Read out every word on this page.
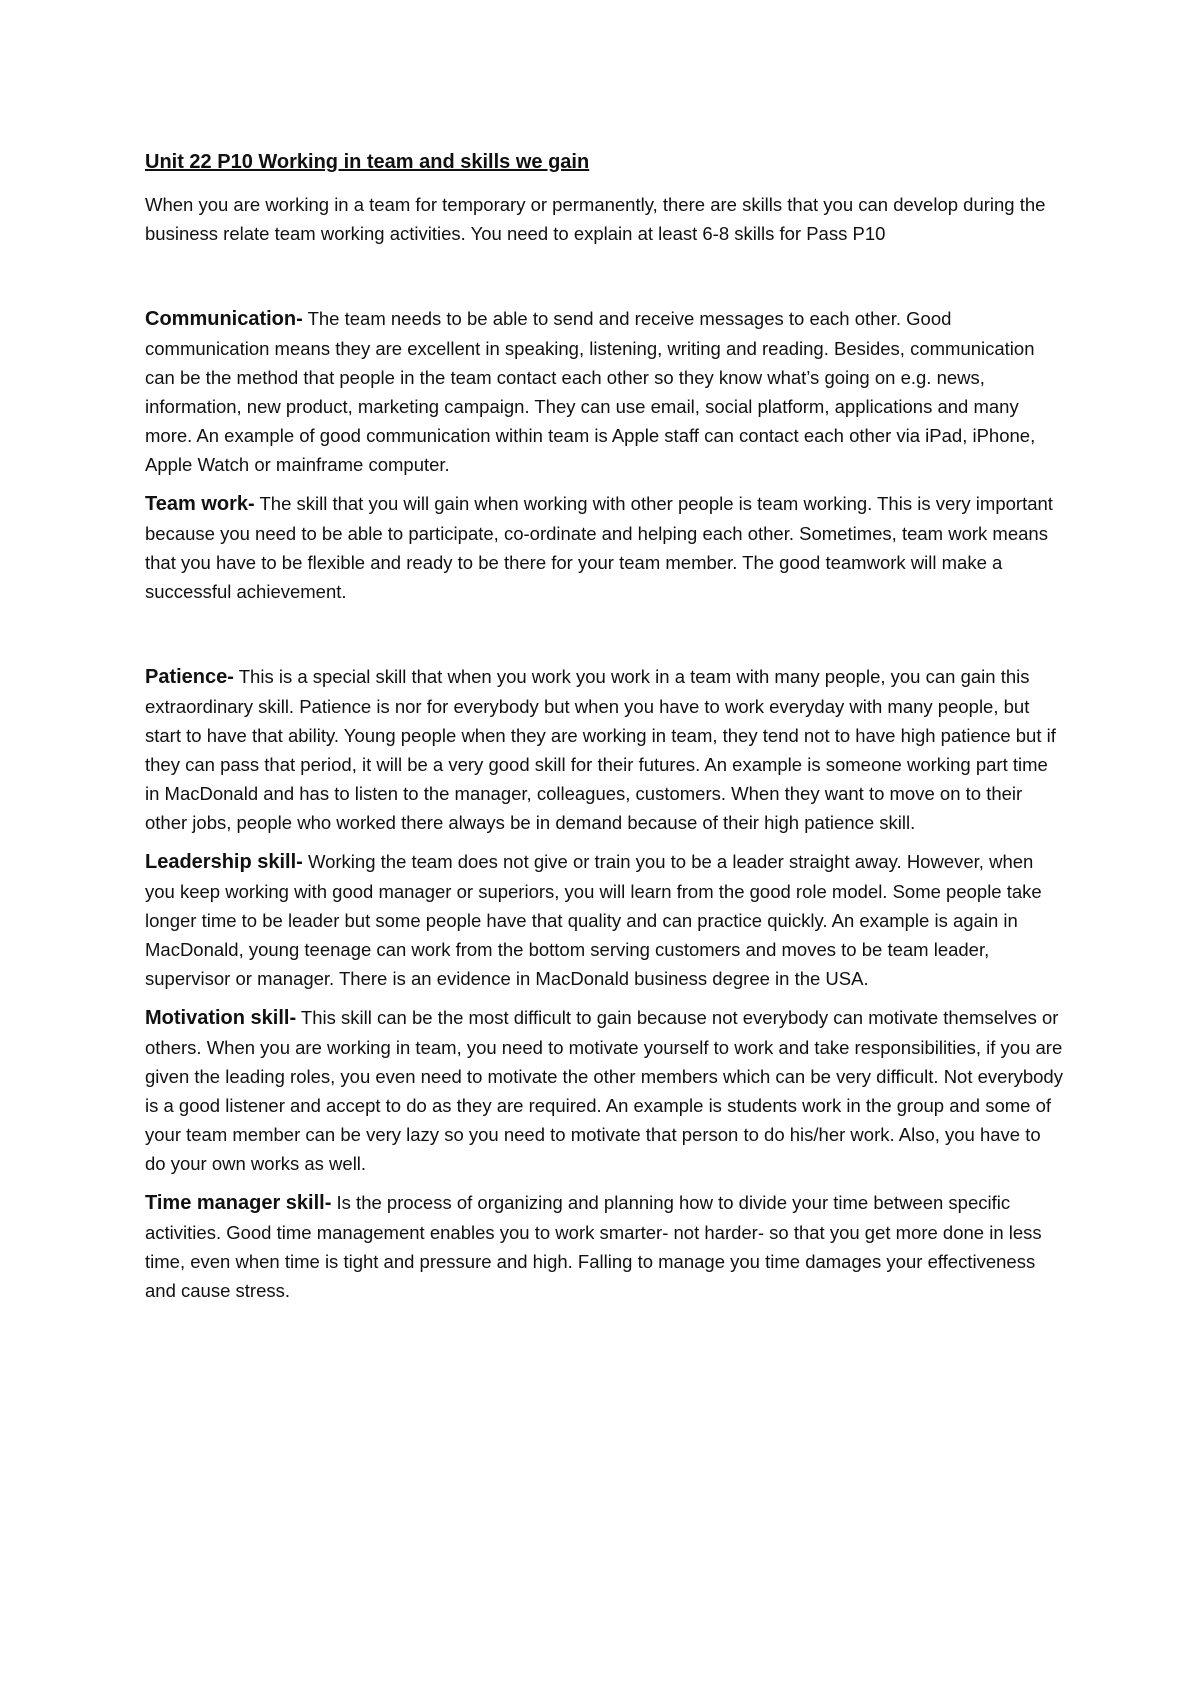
Unit 22 P10 Working in team and skills we gain

When you are working in a team for temporary or permanently, there are skills that you can develop during the business relate team working activities. You need to explain at least 6-8 skills for Pass P10

Communication- The team needs to be able to send and receive messages to each other. Good communication means they are excellent in speaking, listening, writing and reading. Besides, communication can be the method that people in the team contact each other so they know what’s going on e.g. news, information, new product, marketing campaign. They can use email, social platform, applications and many more. An example of good communication within team is Apple staff can contact each other via iPad, iPhone, Apple Watch or mainframe computer.

Team work- The skill that you will gain when working with other people is team working. This is very important because you need to be able to participate, co-ordinate and helping each other. Sometimes, team work means that you have to be flexible and ready to be there for your team member. The good teamwork will make a successful achievement.

Patience- This is a special skill that when you work you work in a team with many people, you can gain this extraordinary skill. Patience is nor for everybody but when you have to work everyday with many people, but start to have that ability. Young people when they are working in team, they tend not to have high patience but if they can pass that period, it will be a very good skill for their futures. An example is someone working part time in MacDonald and has to listen to the manager, colleagues, customers. When they want to move on to their other jobs, people who worked there always be in demand because of their high patience skill.

Leadership skill- Working the team does not give or train you to be a leader straight away. However, when you keep working with good manager or superiors, you will learn from the good role model. Some people take longer time to be leader but some people have that quality and can practice quickly. An example is again in MacDonald, young teenage can work from the bottom serving customers and moves to be team leader, supervisor or manager. There is an evidence in MacDonald business degree in the USA.

Motivation skill- This skill can be the most difficult to gain because not everybody can motivate themselves or others. When you are working in team, you need to motivate yourself to work and take responsibilities, if you are given the leading roles, you even need to motivate the other members which can be very difficult. Not everybody is a good listener and accept to do as they are required. An example is students work in the group and some of your team member can be very lazy so you need to motivate that person to do his/her work. Also, you have to do your own works as well.

Time manager skill- Is the process of organizing and planning how to divide your time between specific activities. Good time management enables you to work smarter- not harder- so that you get more done in less time, even when time is tight and pressure and high. Falling to manage you time damages your effectiveness and cause stress.
